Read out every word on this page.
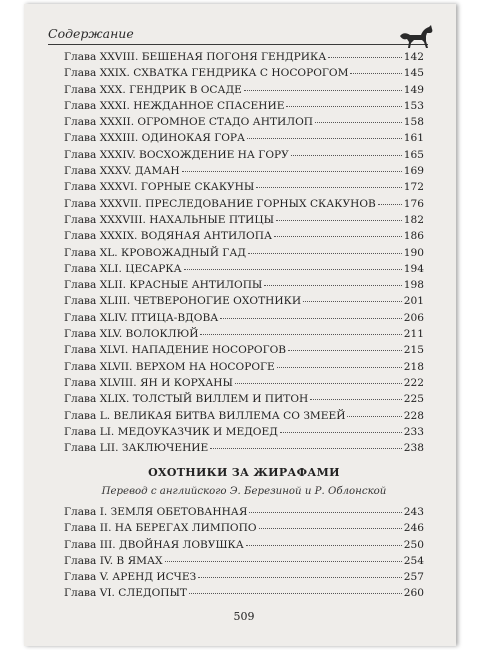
Содержание
Глава XXVIII. БЕШЕНАЯ ПОГОНЯ ГЕНДРИКА	142
Глава XXIX. СХВАТКА ГЕНДРИКА С НОСОРОГОМ	145
Глава XXX. ГЕНДРИК В ОСАДЕ	149
Глава XXXI. НЕЖДАННОЕ СПАСЕНИЕ	153
Глава XXXII. ОГРОМНОЕ СТАДО АНТИЛОП	158
Глава XXXIII. ОДИНОКАЯ ГОРА	161
Глава XXXIV. ВОСХОЖДЕНИЕ НА ГОРУ	165
Глава XXXV. ДАМАН	169
Глава XXXVI. ГОРНЫЕ СКАКУНЫ	172
Глава XXXVII. ПРЕСЛЕДОВАНИЕ ГОРНЫХ СКАКУНОВ	176
Глава XXXVIII. НАХАЛЬНЫЕ ПТИЦЫ	182
Глава XXXIX. ВОДЯНАЯ АНТИЛОПА	186
Глава XL. КРОВОЖАДНЫЙ ГАД	190
Глава XLI. ЦЕСАРКА	194
Глава XLII. КРАСНЫЕ АНТИЛОПЫ	198
Глава XLIII. ЧЕТВЕРОНОГИЕ ОХОТНИКИ	201
Глава XLIV. ПТИЦА-ВДОВА	206
Глава XLV. ВОЛОКЛЮЙ	211
Глава XLVI. НАПАДЕНИЕ НОСОРОГОВ	215
Глава XLVII. ВЕРХОМ НА НОСОРОГЕ	218
Глава XLVIII. ЯН И КОРХАНЫ	222
Глава XLIX. ТОЛСТЫЙ ВИЛЛЕМ И ПИТОН	225
Глава L. ВЕЛИКАЯ БИТВА ВИЛЛЕМА СО ЗМЕЕЙ	228
Глава LI. МЕДОУКАЗЧИК И МЕДОЕД	233
Глава LII. ЗАКЛЮЧЕНИЕ	238
ОХОТНИКИ ЗА ЖИРАФАМИ
Перевод с английского Э. Березиной и Р. Облонской
Глава I. ЗЕМЛЯ ОБЕТОВАННАЯ	243
Глава II. НА БЕРЕГАХ ЛИМПОПО	246
Глава III. ДВОЙНАЯ ЛОВУШКА	250
Глава IV. В ЯМАХ	254
Глава V. АРЕНД ИСЧЕЗ	257
Глава VI. СЛЕДОПЫТ	260
509
